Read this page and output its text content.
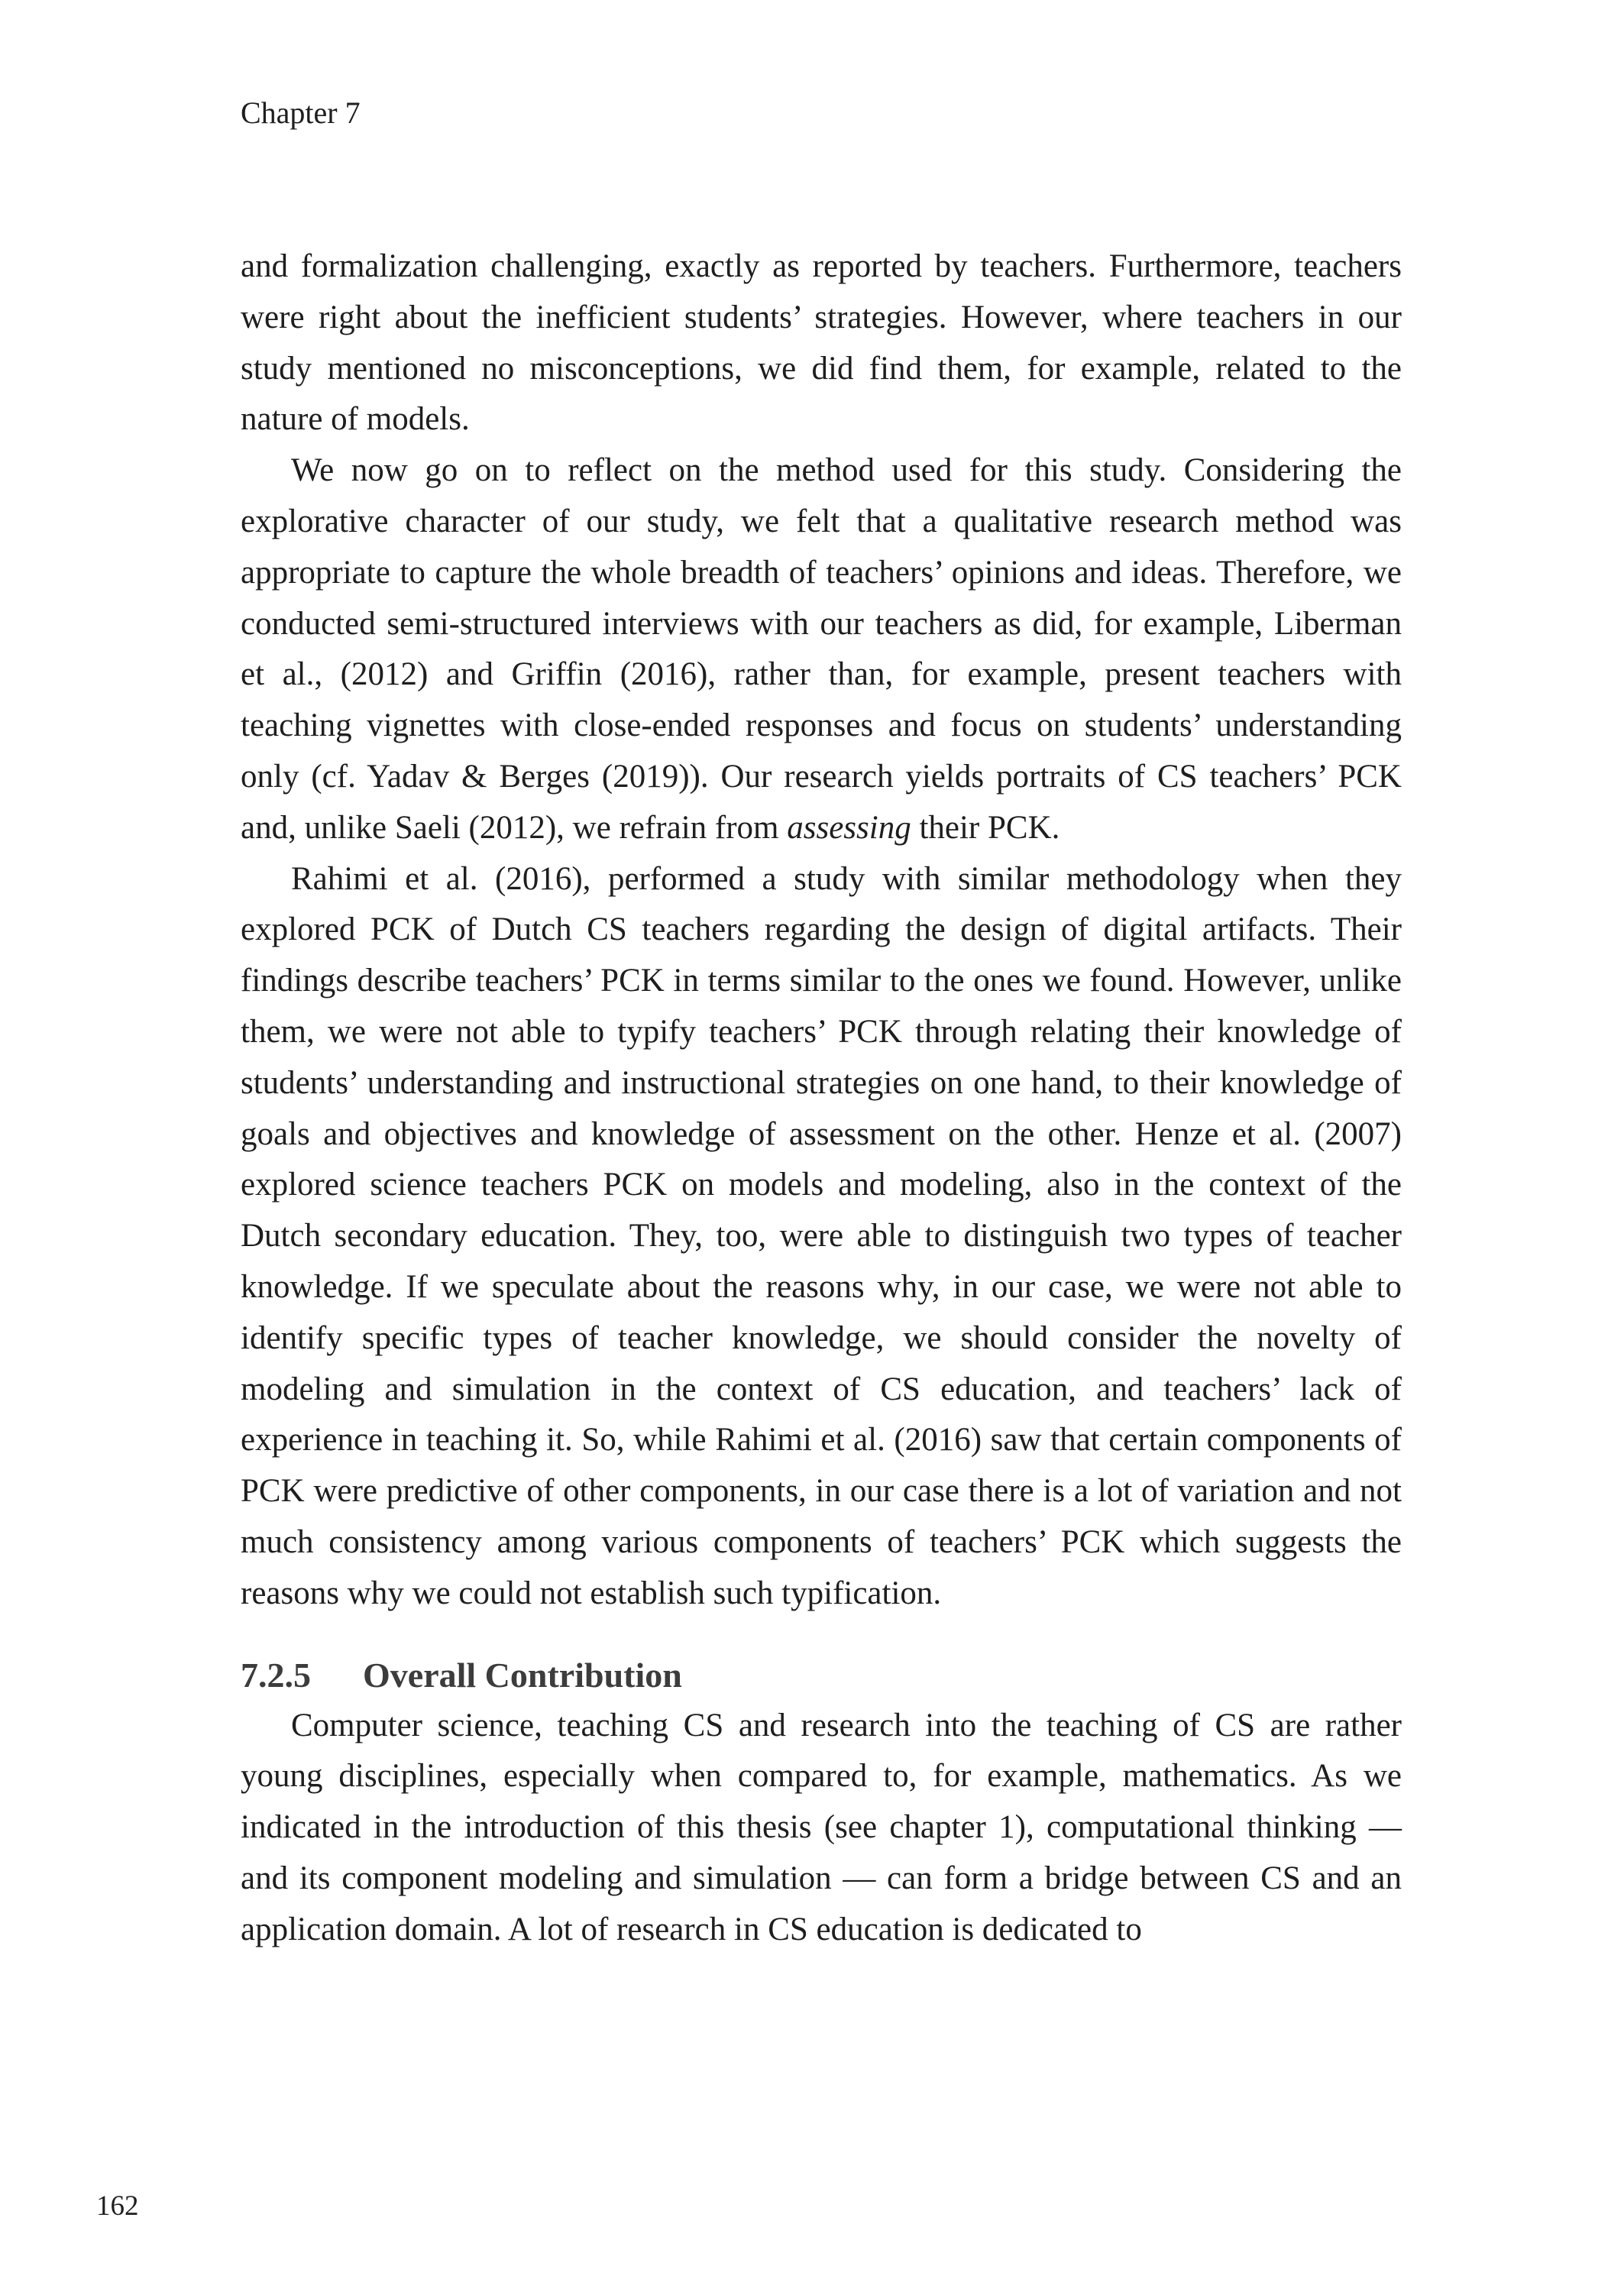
Chapter 7

and formalization challenging, exactly as reported by teachers. Furthermore, teachers were right about the inefficient students’ strategies. However, where teachers in our study mentioned no misconceptions, we did find them, for example, related to the nature of models.

We now go on to reflect on the method used for this study. Considering the explorative character of our study, we felt that a qualitative research method was appropriate to capture the whole breadth of teachers’ opinions and ideas. Therefore, we conducted semi-structured interviews with our teachers as did, for example, Liberman et al., (2012) and Griffin (2016), rather than, for example, present teachers with teaching vignettes with close-ended responses and focus on students’ understanding only (cf. Yadav & Berges (2019)). Our research yields portraits of CS teachers’ PCK and, unlike Saeli (2012), we refrain from assessing their PCK.

Rahimi et al. (2016), performed a study with similar methodology when they explored PCK of Dutch CS teachers regarding the design of digital artifacts. Their findings describe teachers’ PCK in terms similar to the ones we found. However, unlike them, we were not able to typify teachers’ PCK through relating their knowledge of students’ understanding and instructional strategies on one hand, to their knowledge of goals and objectives and knowledge of assessment on the other. Henze et al. (2007) explored science teachers PCK on models and modeling, also in the context of the Dutch secondary education. They, too, were able to distinguish two types of teacher knowledge. If we speculate about the reasons why, in our case, we were not able to identify specific types of teacher knowledge, we should consider the novelty of modeling and simulation in the context of CS education, and teachers’ lack of experience in teaching it. So, while Rahimi et al. (2016) saw that certain components of PCK were predictive of other components, in our case there is a lot of variation and not much consistency among various components of teachers’ PCK which suggests the reasons why we could not establish such typification.

7.2.5 Overall Contribution

Computer science, teaching CS and research into the teaching of CS are rather young disciplines, especially when compared to, for example, mathematics. As we indicated in the introduction of this thesis (see chapter 1), computational thinking — and its component modeling and simulation — can form a bridge between CS and an application domain. A lot of research in CS education is dedicated to

162
